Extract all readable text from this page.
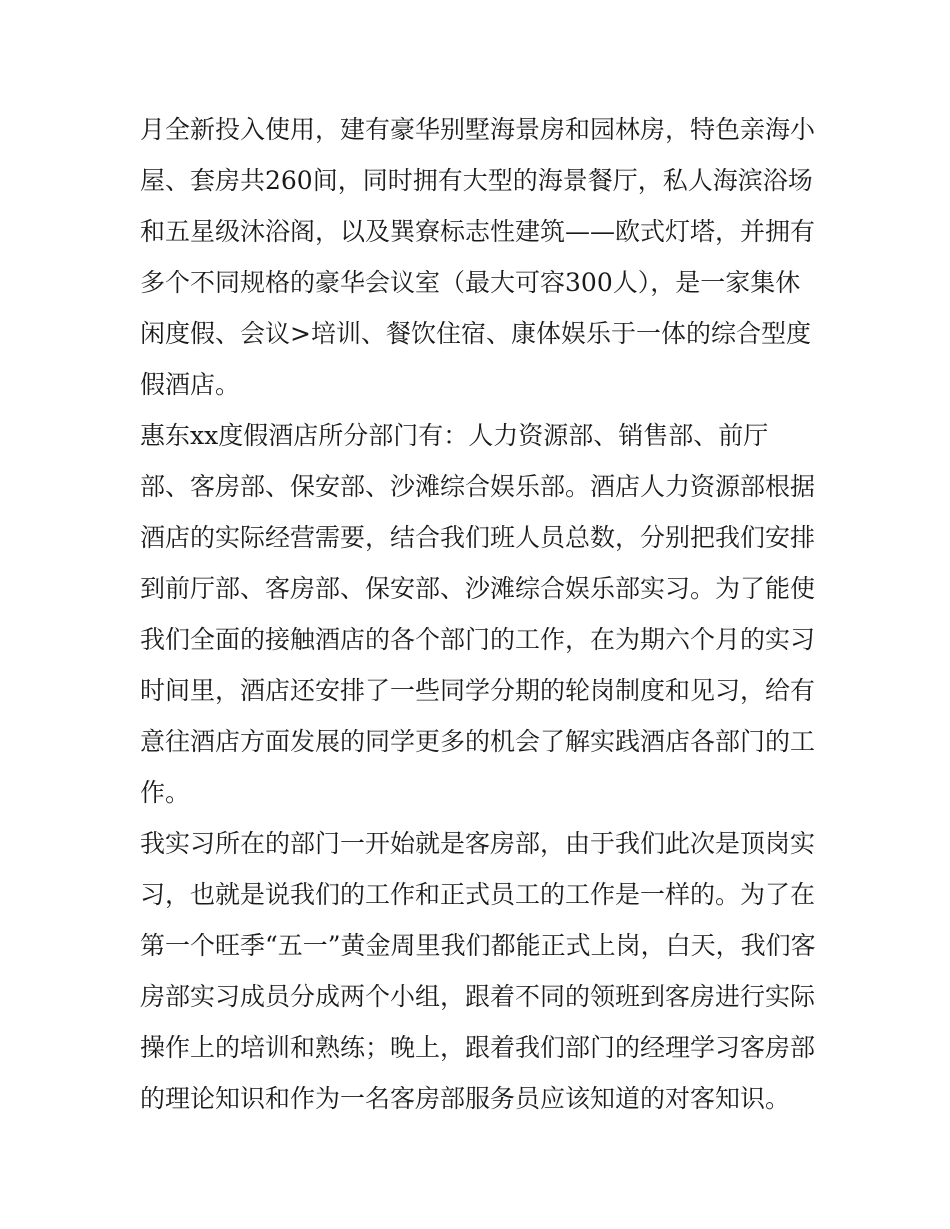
月全新投入使用，建有豪华别墅海景房和园林房，特色亲海小
屋、套房共260间，同时拥有大型的海景餐厅，私人海滨浴场
和五星级沐浴阁，以及巽寮标志性建筑——欧式灯塔，并拥有
多个不同规格的豪华会议室（最大可容300人），是一家集休
闲度假、会议>培训、餐饮住宿、康体娱乐于一体的综合型度
假酒店。
惠东xx度假酒店所分部门有：人力资源部、销售部、前厅
部、客房部、保安部、沙滩综合娱乐部。酒店人力资源部根据
酒店的实际经营需要，结合我们班人员总数，分别把我们安排
到前厅部、客房部、保安部、沙滩综合娱乐部实习。为了能使
我们全面的接触酒店的各个部门的工作，在为期六个月的实习
时间里，酒店还安排了一些同学分期的轮岗制度和见习，给有
意往酒店方面发展的同学更多的机会了解实践酒店各部门的工
作。
我实习所在的部门一开始就是客房部，由于我们此次是顶岗实
习，也就是说我们的工作和正式员工的工作是一样的。为了在
第一个旺季“五一”黄金周里我们都能正式上岗，白天，我们客
房部实习成员分成两个小组，跟着不同的领班到客房进行实际
操作上的培训和熟练；晚上，跟着我们部门的经理学习客房部
的理论知识和作为一名客房部服务员应该知道的对客知识。
